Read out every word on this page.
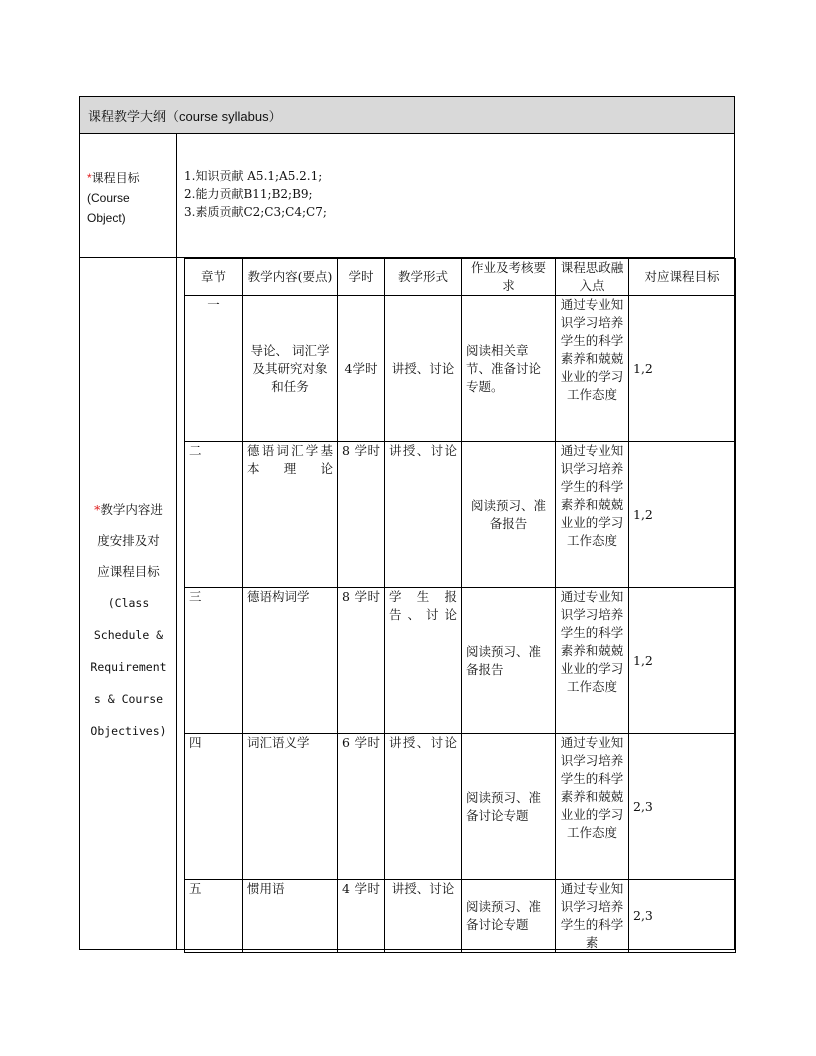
课程教学大纲（course syllabus）
*课程目标
(Course
Object)
1.知识贡献 A5.1;A5.2.1;
2.能力贡献B11;B2;B9;
3.素质贡献C2;C3;C4;C7;
*教学内容进
度安排及对
应课程目标
(Class
Schedule &
Requirement
s & Course
Objectives)
章节	教学内容(要点)	学时	教学形式	作业及考核要求	课程思政融入点	对应课程目标
一	导论、 词汇学及其研究对象和任务	4学时	讲授、讨论	阅读相关章节、准备讨论专题。	通过专业知识学习培养学生的科学素养和兢兢业业的学习工作态度	1,2
二	德语词汇学基本理论	8 学时	讲授、讨论	阅读预习、准备报告	通过专业知识学习培养学生的科学素养和兢兢业业的学习工作态度	1,2
三	德语构词学	8 学时	学 生 报告、讨论	阅读预习、准备报告	通过专业知识学习培养学生的科学素养和兢兢业业的学习工作态度	1,2
四	词汇语义学	6 学时	讲授、讨论	阅读预习、准备讨论专题	通过专业知识学习培养学生的科学素养和兢兢业业的学习工作态度	2,3
五	惯用语	4 学时	讲授、讨论	阅读预习、准备讨论专题	通过专业知识学习培养学生的科学素	2,3
